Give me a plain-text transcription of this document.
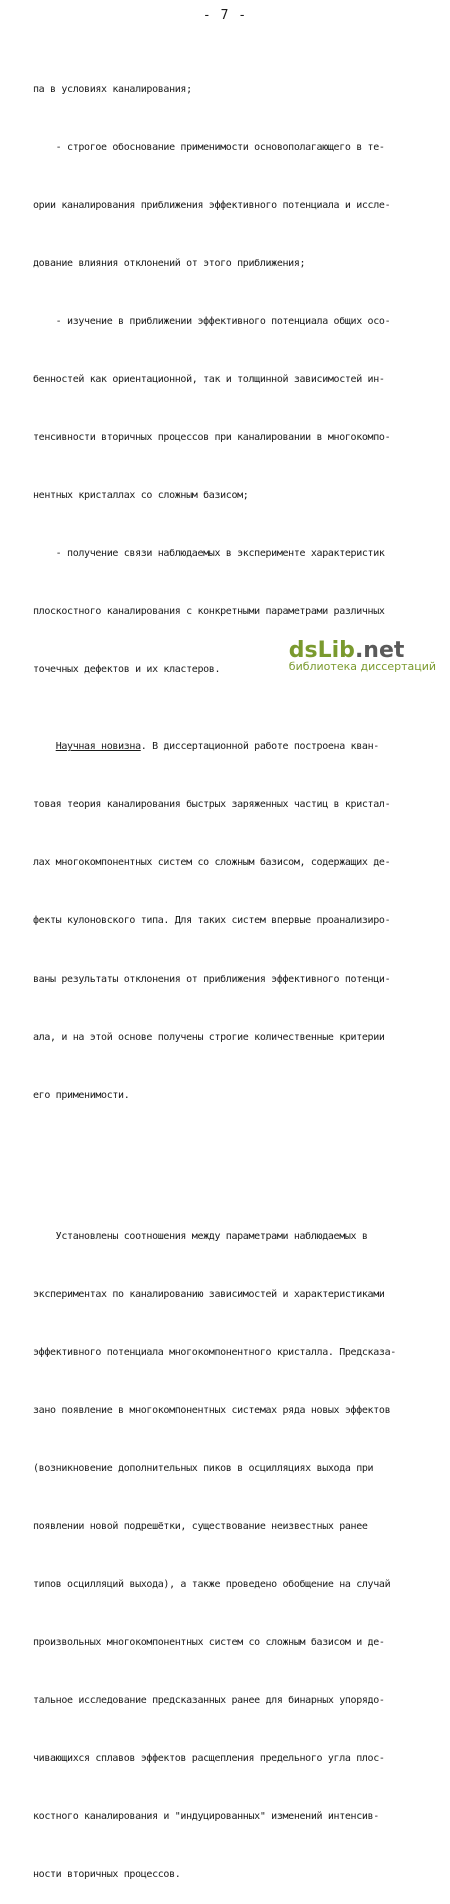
- 7 -

па в условиях каналирования;

- строгое обоснование применимости основополагающего в те-

ории каналирования приближения эффективного потенциала и иссле-

дование влияния отклонений от этого приближения;

- изучение в приближении эффективного потенциала общих осо-

бенностей как ориентационной, так и толщинной зависимостей ин-

тенсивности вторичных процессов при каналировании в многокомпо-

нентных кристаллах со сложным базисом;

- получение связи наблюдаемых в эксперименте характеристик

плоскостного каналирования с конкретными параметрами различных

точечных дефектов и их кластеров.

Научная новизна. В диссертационной работе построена кван-

товая теория каналирования быстрых заряженных частиц в кристал-

лах многокомпонентных систем со сложным базисом, содержащих де-

фекты кулоновского типа. Для таких систем впервые проанализиро-

ваны результаты отклонения от приближения эффективного потенци-

ала, и на этой основе получены строгие количественные критерии

его применимости.

Установлены соотношения между параметрами наблюдаемых в

экспериментах по каналированию зависимостей и характеристиками

эффективного потенциала многокомпонентного кристалла. Предсказа-

зано появление в многокомпонентных системах ряда новых эффектов

(возникновение дополнительных пиков в осцилляциях выхода при

появлении новой подрешётки, существование неизвестных ранее

типов осцилляций выхода), а также проведено обобщение на случай

произвольных многокомпонентных систем со сложным базисом и де-

тальное исследование предсказанных ранее для бинарных упорядо-

чивающихся сплавов эффектов расщепления предельного угла плос-

костного каналирования и "индуцированных" изменений интенсив-

ности вторичных процессов.

dsLib.net
библиотека диссертаций
